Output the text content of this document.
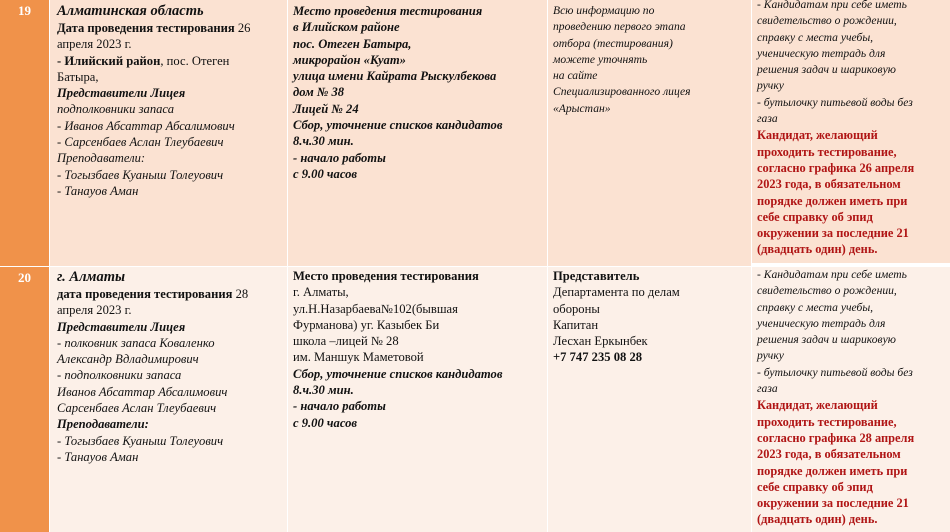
19	Алматинская область
Дата проведения тестирования 26
апреля 2023 г.
- Илийский район, пос. Отеген
Батыра,
Представители Лицея
подполковники запаса
- Иванов Абсаттар Абсалимович
- Сарсенбаев Аслан Тлеубаевич
Преподаватели:
- Тогызбаев Куаныш Толеуович
- Танауов Аман
Место проведения тестирования
в Илийском районе
пос. Отеген Батыра,
микрорайон «Куат»
улица имени Кайрата Рыскулбекова
дом № 38
Лицей № 24
Сбор, уточнение списков кандидатов
8.ч.30 мин.
- начало работы
с 9.00 часов
Всю информацию по
проведению первого этапа
отбора (тестирования)
можете уточнять
на сайте
Специализированного лицея
«Арыстан»
- Кандидатам при себе иметь
свидетельство о рождении,
справку с места учебы,
ученическую тетрадь для
решения задач и шариковую
ручку
- бутылочку питьевой воды без
газа
Кандидат, желающий
проходить тестирование,
согласно графика 26 апреля
2023 года, в обязательном
порядке должен иметь при
себе справку об эпид
окружении за последние 21
(двадцать один) день.
20	г. Алматы
дата проведения тестирования 28
апреля 2023 г.
Представители Лицея
- полковник запаса Коваленко
Александр Вдладимирович
- подполковники запаса
Иванов Абсаттар Абсалимович
Сарсенбаев Аслан Тлеубаевич
Преподаватели:
- Тогызбаев Куаныш Толеуович
- Танауов Аман
Место проведения тестирования
г. Алматы,
ул.Н.Назарбаева№102(бывшая
Фурманова) уг. Казыбек Би
школа –лицей № 28
им. Маншук Маметовой
Сбор, уточнение списков кандидатов
8.ч.30 мин.
- начало работы
с 9.00 часов
Представитель
Департамента по делам
обороны
Капитан
Лесхан Еркынбек
+7 747 235 08 28
- Кандидатам при себе иметь
свидетельство о рождении,
справку с места учебы,
ученическую тетрадь для
решения задач и шариковую
ручку
- бутылочку питьевой воды без
газа
Кандидат, желающий
проходить тестирование,
согласно графика 28 апреля
2023 года, в обязательном
порядке должен иметь при
себе справку об эпид
окружении за последние 21
(двадцать один) день.
